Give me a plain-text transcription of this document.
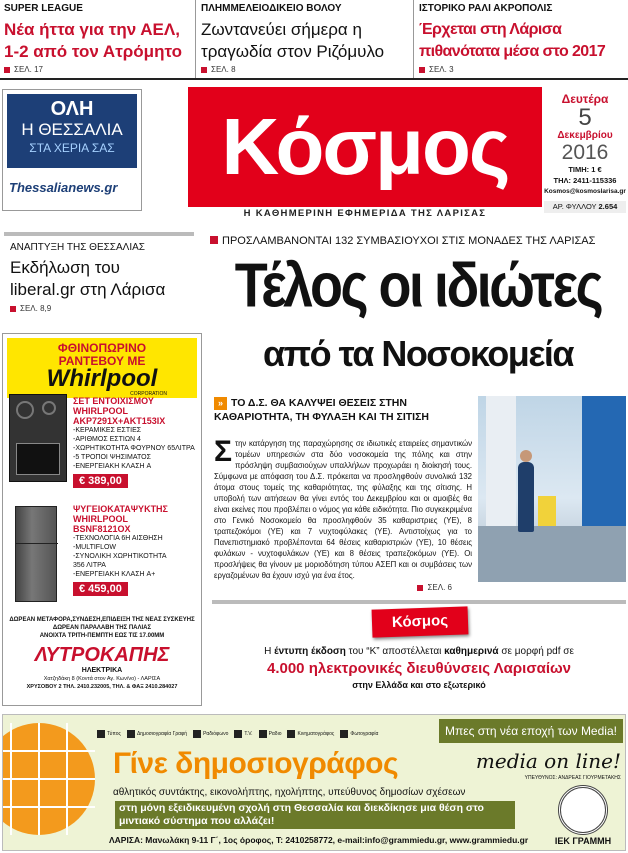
SUPER LEAGUE
Νέα ήττα για την ΑΕΛ, 1-2 από τον Ατρόμητο
ΣΕΛ. 17
ΠΛΗΜΜΕΛΕΙΟΔΙΚΕΙΟ ΒΟΛΟΥ
Ζωντανεύει σήμερα η τραγωδία στον Ριζόμυλο
ΣΕΛ. 8
ΙΣΤΟΡΙΚΟ ΡΑΛΙ ΑΚΡΟΠΟΛΙΣ
Έρχεται στη Λάρισα πιθανότατα μέσα στο 2017
ΣΕΛ. 3
ΟΛΗ
Η ΘΕΣΣΑΛΙΑ
ΣΤΑ ΧΕΡΙΑ ΣΑΣ
Thessalianews.gr	Κόσμος
Η ΚΑΘΗΜΕΡΙΝΗ ΕΦΗΜΕΡΙΔΑ ΤΗΣ ΛΑΡΙΣΑΣ
Δευτέρα
5
Δεκεμβρίου
2016
ΤΙΜΗ: 1 €
ΤΗΛ: 2411-115336
Kosmos@kosmoslarisa.gr
ΑΡ. ΦΥΛΛΟΥ 2.654
ΑΝΑΠΤΥΞΗ ΤΗΣ ΘΕΣΣΑΛΙΑΣ
Εκδήλωση του liberal.gr στη Λάρισα
ΣΕΛ. 8,9
ΠΡΟΣΛΑΜΒΑΝΟΝΤΑΙ 132 ΣΥΜΒΑΣΙΟΥΧΟΙ ΣΤΙΣ ΜΟΝΑΔΕΣ ΤΗΣ ΛΑΡΙΣΑΣ
Τέλος οι ιδιώτες
από τα Νοσοκομεία
» ΤΟ Δ.Σ. ΘΑ ΚΑΛΥΨΕΙ ΘΕΣΕΙΣ ΣΤΗΝ ΚΑΘΑΡΙΟΤΗΤΑ, ΤΗ ΦΥΛΑΞΗ ΚΑΙ ΤΗ ΣΙΤΙΣΗ
Στην κατάργηση της παραχώρησης σε ιδιωτικές εταιρείες σημαντικών τομέων υπηρεσιών στα δύο νοσοκομεία της πόλης και στην πρόσληψη συμβασιούχων υπαλλήλων προχωράει η διοίκησή τους. Σύμφωνα με απόφαση του Δ.Σ. πρόκειται να προσληφθούν συνολικά 132 άτομα στους τομείς της καθαριότητας, της φύλαξης και της σίτισης. Η υποβολή των αιτήσεων θα γίνει εντός του Δεκεμβρίου και οι αμοιβές θα είναι εκείνες που προβλέπει ο νόμος για κάθε ειδικότητα. Πιο συγκεκριμένα στο Γενικό Νοσοκομείο θα προσληφθούν 35 καθαριστριες (ΥΕ), 8 τραπεζοκόμοι (ΥΕ) και 7 νυχτοφύλακες (ΥΕ). Αντιστοίχως για το Πανεπιστημιακό προβλέπονται 64 θέσεις καθαριστριών (ΥΕ), 10 θέσεις φυλάκων - νυχτοφυλάκων (ΥΕ) και 8 θέσεις τραπεζοκόμων (ΥΕ). Οι προσλήψεις θα γίνουν με μοριοδότηση τύπου ΑΣΕΠ και οι συμβάσεις των εργαζομένων θα έχουν ισχύ για ένα έτος.
ΣΕΛ. 6
ΦΘΙΝΟΠΩΡΙΝΟ
ΡΑΝΤΕΒΟΥ ΜΕ
Whirlpool
CORPORATION
ΣΕΤ ΕΝΤΟΙΧΙΣΜΟΥ
WHIRLPOOL
AKP7291X+AKT153IX
-ΚΕΡΑΜΙΚΕΣ ΕΣΤΙΕΣ
-ΑΡΙΘΜΟΣ ΕΣΤΙΩΝ 4
-ΧΩΡΗΤΙΚΟΤΗΤΑ ΦΟΥΡΝΟΥ 65ΛΙΤΡΑ
-5 ΤΡΟΠΟΙ ΨΗΣΙΜΑΤΟΣ
-ΕΝΕΡΓΕΙΑΚΗ ΚΛΑΣΗ A
€ 389,00
ΨΥΓΕΙΟΚΑΤΑΨΥΚΤΗΣ
WHIRLPOOL
BSNF8121OX
-ΤΕΧΝΟΛΟΓΙΑ 6Η ΑΙΣΘΗΣΗ
-MULTIFLOW
-ΣΥΝΟΛΙΚΗ ΧΩΡΗΤΙΚΟΤΗΤΑ
356 ΛΙΤΡΑ
-ΕΝΕΡΓΕΙΑΚΗ ΚΛΑΣΗ A+
€ 459,00
ΔΩΡΕΑΝ ΜΕΤΑΦΟΡΑ,ΣΥΝΔΕΣΗ,ΕΠΙΔΕΙΞΗ ΤΗΣ ΝΕΑΣ ΣΥΣΚΕΥΗΣ
ΔΩΡΕΑΝ ΠΑΡΑΛΑΒΗ ΤΗΣ ΠΑΛΙΑΣ
ΑΝΟΙΧΤΑ ΤΡΙΤΗ-ΠΕΜΠΤΗ ΕΩΣ ΤΙΣ 17.00ΜΜ
ΛΥΤΡΟΚΑΠΗΣ
ΗΛΕΚΤΡΙΚΑ
Χατζηδάκη 8 (Κοντά στον Αγ. Κων/νο) - ΛΑΡΙΣΑ
ΧΡΥΣΟΒΟΥ 2 ΤΗΛ. 2410.232005, ΤΗΛ. & ΦΑΞ 2410.284027
Κόσμος
Η έντυπη έκδοση του “Κ” αποστέλλεται καθημερινά σε μορφή pdf σε
4.000 ηλεκτρονικές διευθύνσεις Λαρισαίων
στην Ελλάδα και στο εξωτερικό
Τύπος	Δημοσιογραφία Γραφή	Ραδιόφωνο	Τ.V.	Ραδιο	Κινηματογράφος	Φωτογραφία	Μπες στη νέα εποχή των Media!
Γίνε δημοσιογράφος	media on line!
ΥΠΕΥΘΥΝΟΣ: ΑΝΔΡΕΑΣ ΓΙΟΥΡΜΕΤΑΚΗΣ
αθλητικός συντάκτης, εικονολήπτης, ηχολήπτης, υπεύθυνος δημοσίων σχέσεων
στη μόνη εξειδικευμένη σχολή στη Θεσσαλία και διεκδίκησε μια θέση στο μιντιακό σύστημα που αλλάζει!
ΛΑΡΙΣΑ: Μανωλάκη 9-11 Γ΄, 1ος όροφος, Τ: 2410258772, e-mail:info@grammiedu.gr, www.grammiedu.gr	ΙΕΚ ΓΡΑΜΜΗ
